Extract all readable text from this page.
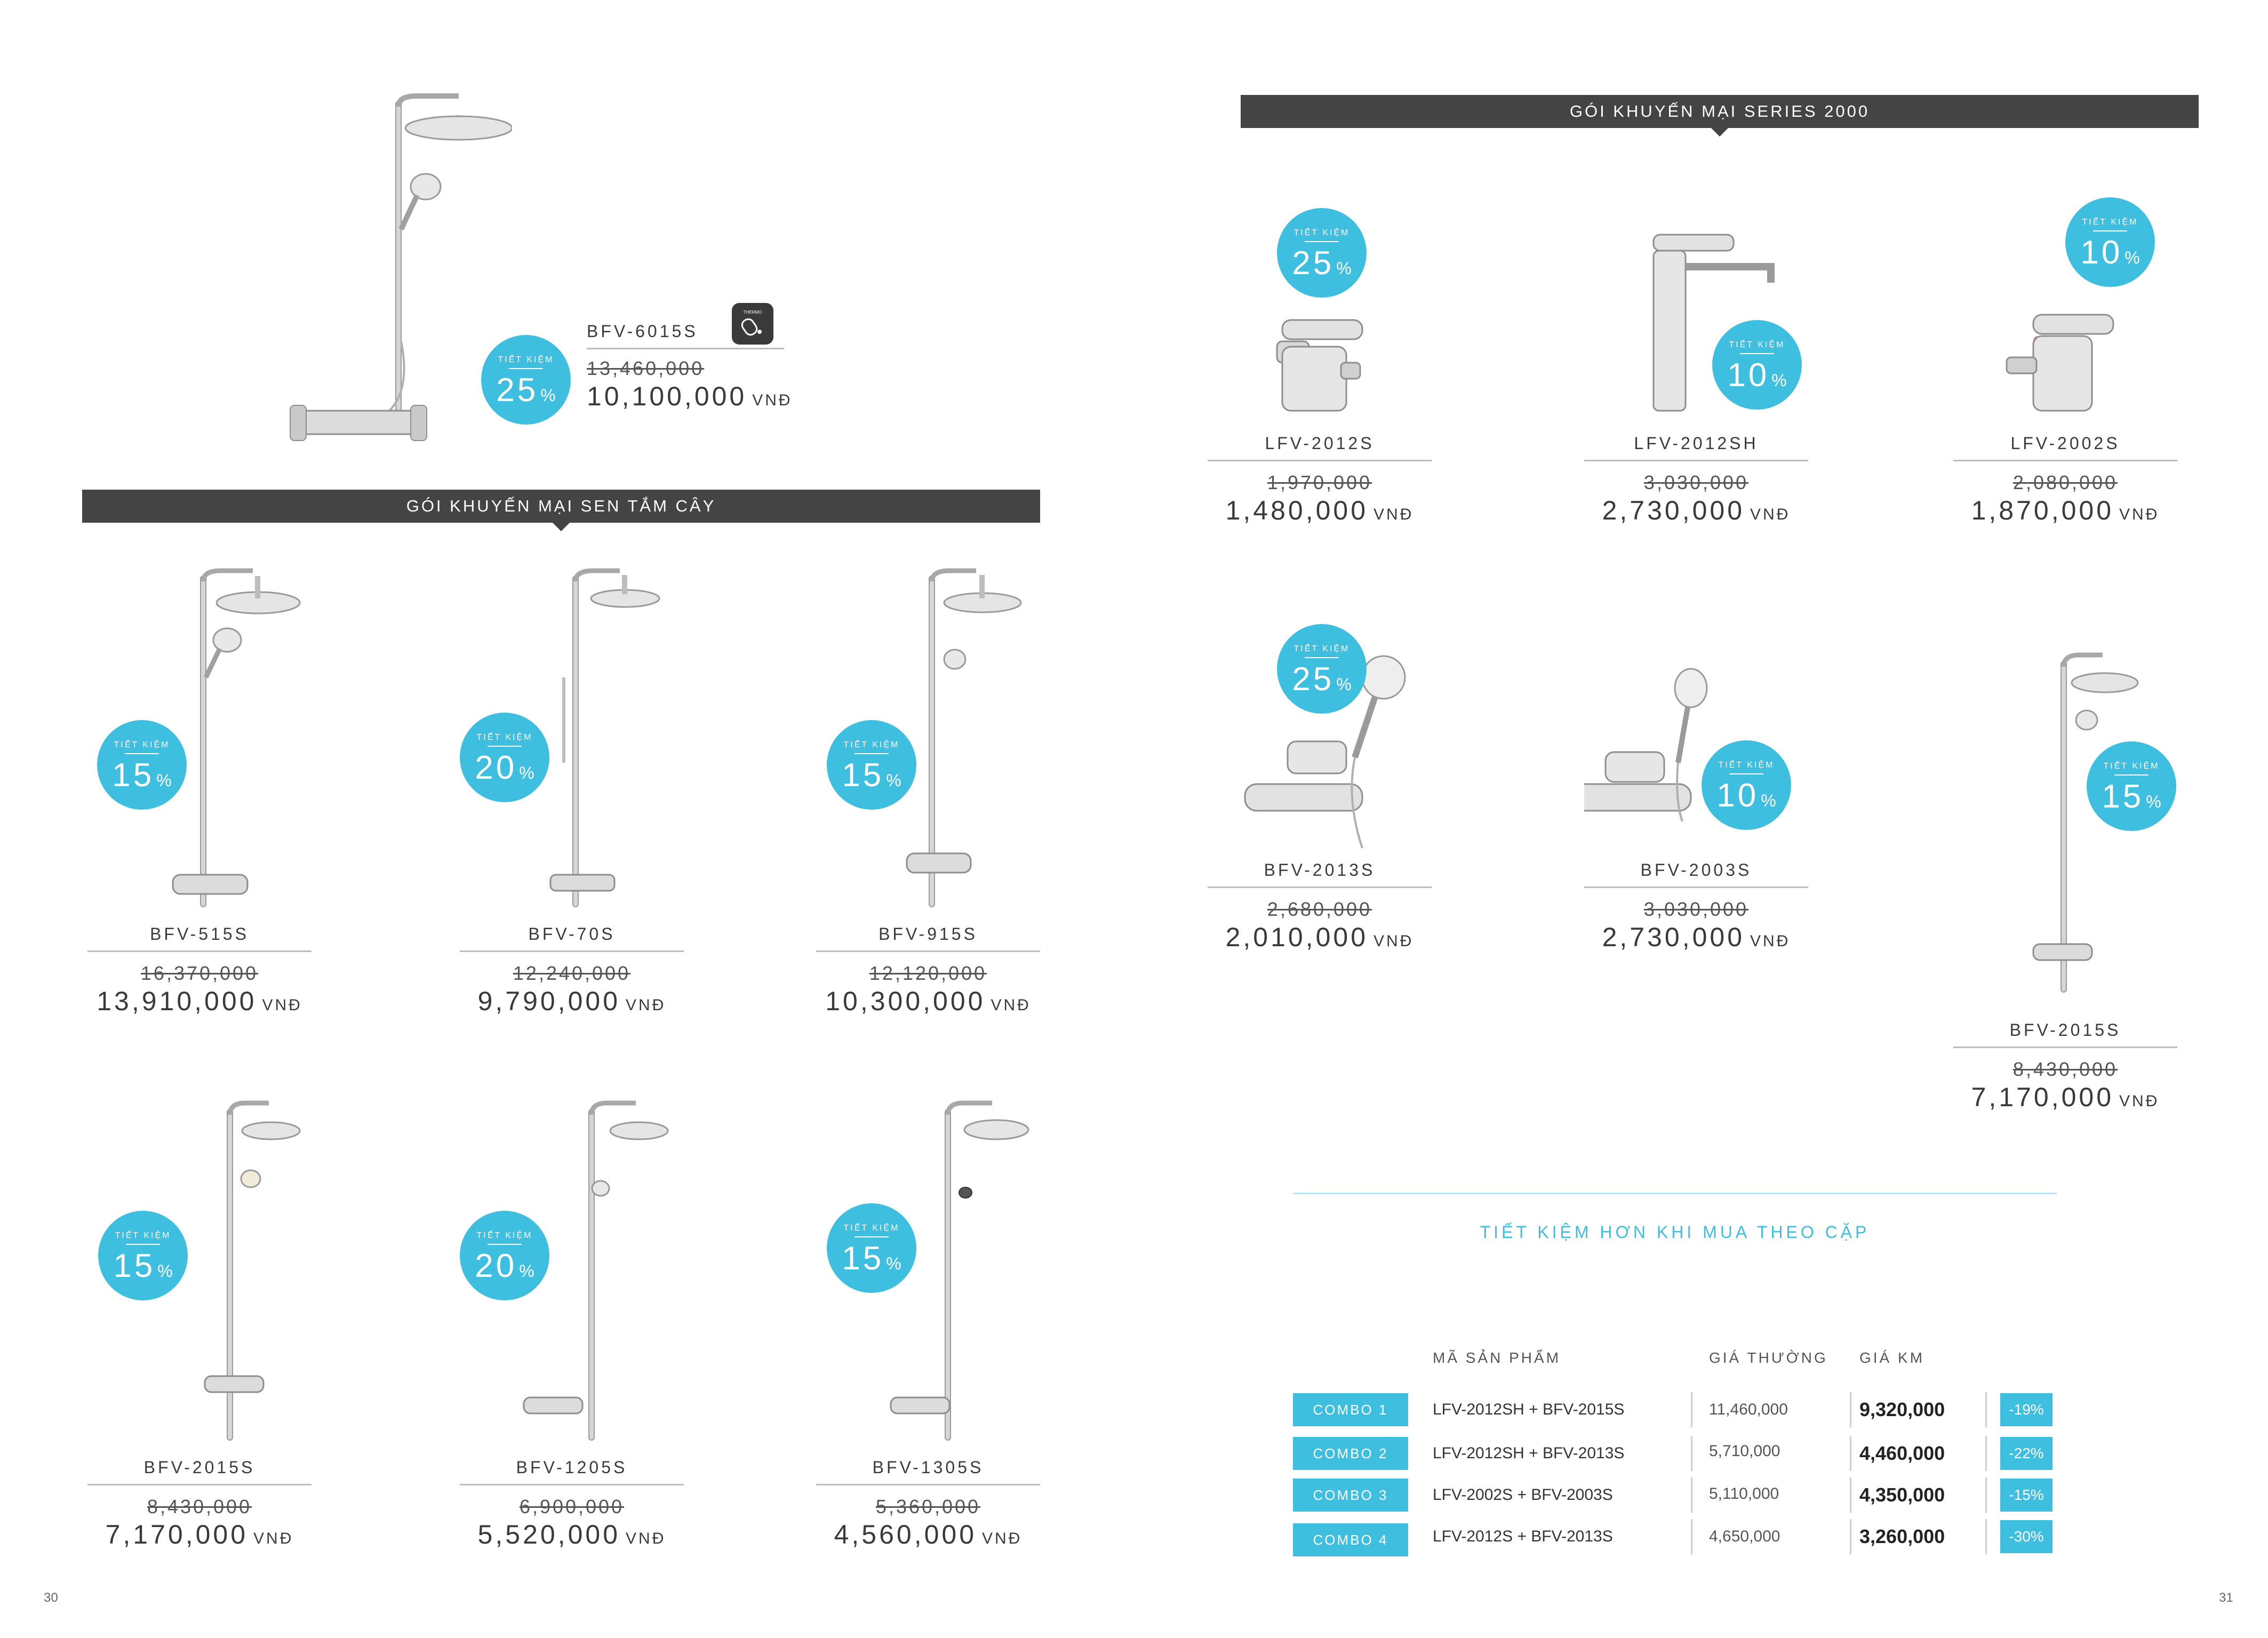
TIẾT KIỆM
25 %
BFV-6015S
13,460,000
10,100,000 VNĐ
THERMO
GÓI KHUYẾN MẠI SEN TẮM CÂY
TIẾT KIỆM
15 %
BFV-515S
16,370,000
13,910,000 VNĐ
TIẾT KIỆM
20 %
BFV-70S
12,240,000
9,790,000 VNĐ
TIẾT KIỆM
15 %
BFV-915S
12,120,000
10,300,000 VNĐ
TIẾT KIỆM
15 %
BFV-2015S
8,430,000
7,170,000 VNĐ
TIẾT KIỆM
20 %
BFV-1205S
6,900,000
5,520,000 VNĐ
TIẾT KIỆM
15 %
BFV-1305S
5,360,000
4,560,000 VNĐ
30
GÓI KHUYẾN MẠI SERIES 2000
TIẾT KIỆM
25 %
LFV-2012S
1,970,000
1,480,000 VNĐ
TIẾT KIỆM
10 %
LFV-2012SH
3,030,000
2,730,000 VNĐ
TIẾT KIỆM
10 %
LFV-2002S
2,080,000
1,870,000 VNĐ
TIẾT KIỆM
25 %
BFV-2013S
2,680,000
2,010,000 VNĐ
TIẾT KIỆM
10 %
BFV-2003S
3,030,000
2,730,000 VNĐ
TIẾT KIỆM
15 %
BFV-2015S
8,430,000
7,170,000 VNĐ
TIẾT KIỆM HƠN KHI MUA THEO CẶP
MÃ SẢN PHẨM	GIÁ THƯỜNG GIÁ KM
COMBO 1	LFV-2012SH + BFV-2015S	11,460,000	9,320,000	-19%
COMBO 2	LFV-2012SH + BFV-2013S	5,710,000	4,460,000	-22%
COMBO 3	LFV-2002S + BFV-2003S	5,110,000	4,350,000	-15%
COMBO 4	LFV-2012S + BFV-2013S	4,650,000	3,260,000	-30%
31
